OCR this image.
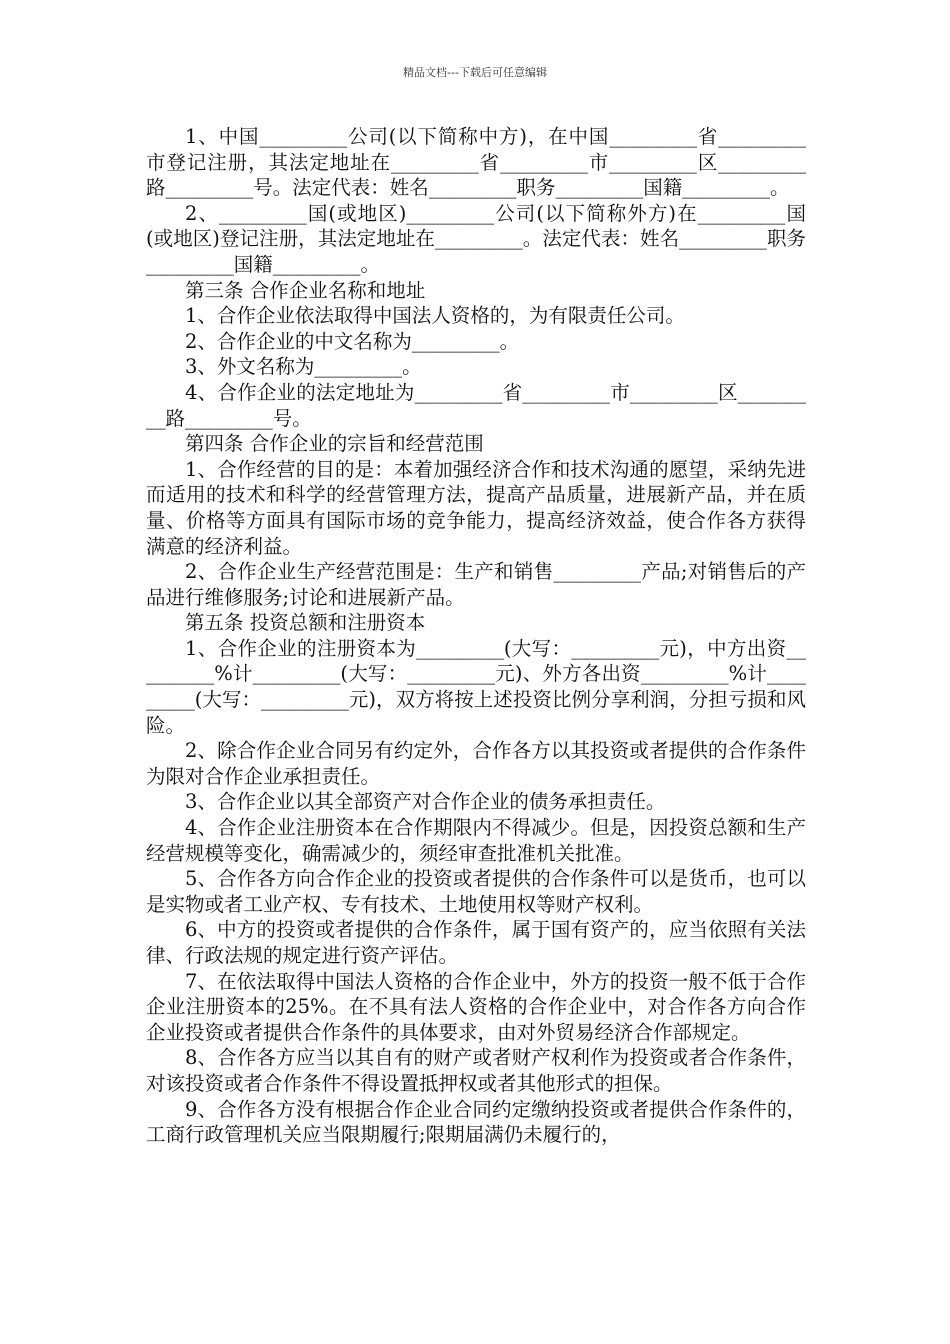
精品文档---下载后可任意编辑

1、中国_________公司(以下简称中方)，在中国_________省_________市登记注册，其法定地址在_________省_________市_________区_________路_________号。法定代表：姓名_________职务_________国籍_________。

2、_________国(或地区)_________公司(以下简称外方)在_________国(或地区)登记注册，其法定地址在_________。法定代表：姓名_________职务_________国籍_________。

第三条 合作企业名称和地址

1、合作企业依法取得中国法人资格的，为有限责任公司。

2、合作企业的中文名称为_________。

3、外文名称为_________。

4、合作企业的法定地址为_________省_________市_________区_________路_________号。

第四条 合作企业的宗旨和经营范围

1、合作经营的目的是：本着加强经济合作和技术沟通的愿望，采纳先进而适用的技术和科学的经营管理方法，提高产品质量，进展新产品，并在质量、价格等方面具有国际市场的竞争能力，提高经济效益，使合作各方获得满意的经济利益。

2、合作企业生产经营范围是：生产和销售_________产品;对销售后的产品进行维修服务;讨论和进展新产品。

第五条 投资总额和注册资本

1、合作企业的注册资本为_________(大写：_________元)，中方出资_________%计_________(大写：_________元)、外方各出资_________%计_________(大写：_________元)，双方将按上述投资比例分享利润，分担亏损和风险。

2、除合作企业合同另有约定外，合作各方以其投资或者提供的合作条件为限对合作企业承担责任。

3、合作企业以其全部资产对合作企业的债务承担责任。

4、合作企业注册资本在合作期限内不得减少。但是，因投资总额和生产经营规模等变化，确需减少的，须经审查批准机关批准。

5、合作各方向合作企业的投资或者提供的合作条件可以是货币，也可以是实物或者工业产权、专有技术、土地使用权等财产权利。

6、中方的投资或者提供的合作条件，属于国有资产的，应当依照有关法律、行政法规的规定进行资产评估。

7、在依法取得中国法人资格的合作企业中，外方的投资一般不低于合作企业注册资本的25%。在不具有法人资格的合作企业中，对合作各方向合作企业投资或者提供合作条件的具体要求，由对外贸易经济合作部规定。

8、合作各方应当以其自有的财产或者财产权利作为投资或者合作条件，对该投资或者合作条件不得设置抵押权或者其他形式的担保。

9、合作各方没有根据合作企业合同约定缴纳投资或者提供合作条件的，工商行政管理机关应当限期履行;限期届满仍未履行的，
